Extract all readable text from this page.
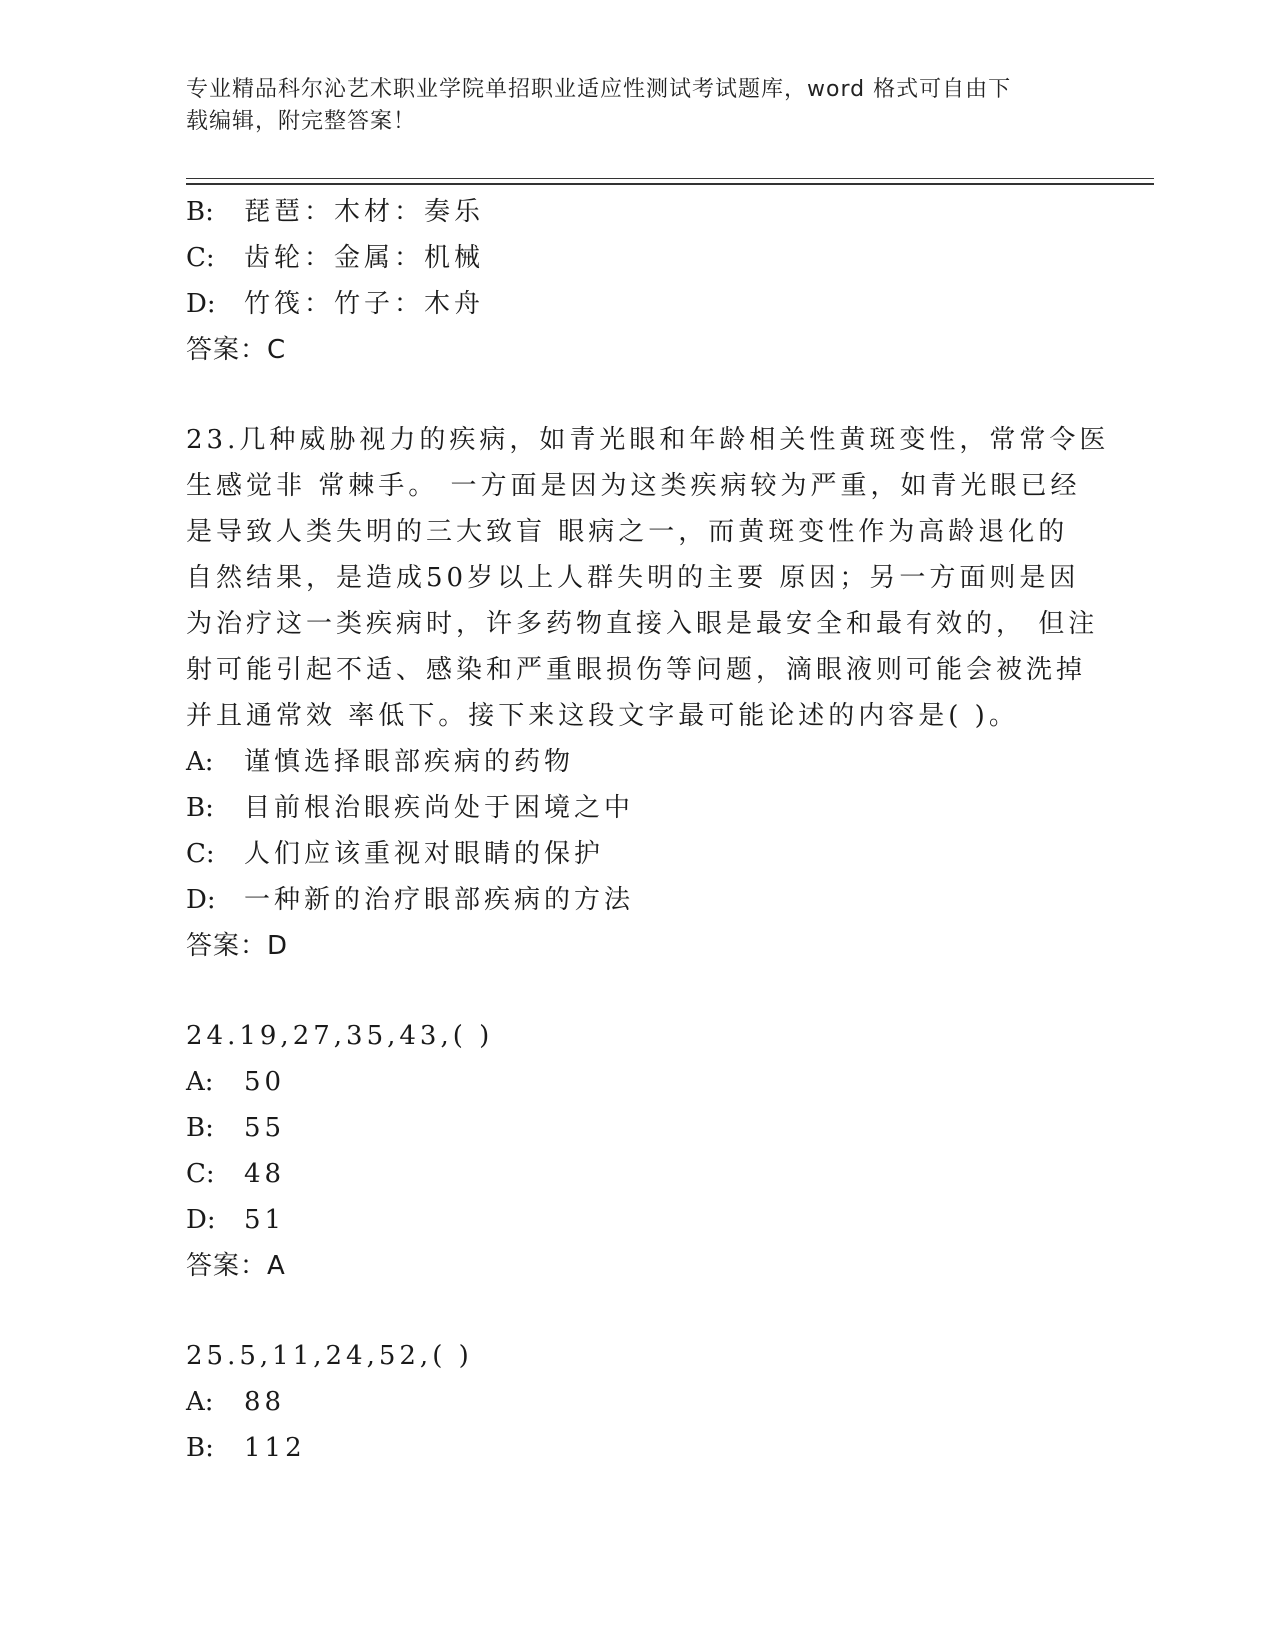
专业精品科尔沁艺术职业学院单招职业适应性测试考试题库，word 格式可自由下
载编辑，附完整答案！
B: 琵琶：木材：奏乐
C: 齿轮：金属：机械
D: 竹筏：竹子：木舟
答案：C
23.几种威胁视力的疾病，如青光眼和年龄相关性黄斑变性，常常令医
生感觉非 常棘手。 一方面是因为这类疾病较为严重，如青光眼已经
是导致人类失明的三大致盲 眼病之一，而黄斑变性作为高龄退化的
自然结果，是造成50岁以上人群失明的主要 原因；另一方面则是因
为治疗这一类疾病时，许多药物直接入眼是最安全和最有效的， 但注
射可能引起不适、感染和严重眼损伤等问题，滴眼液则可能会被洗掉
并且通常效 率低下。接下来这段文字最可能论述的内容是( )。
A: 谨慎选择眼部疾病的药物
B: 目前根治眼疾尚处于困境之中
C: 人们应该重视对眼睛的保护
D: 一种新的治疗眼部疾病的方法
答案：D
24.19,27,35,43,( )
A: 50
B: 55
C: 48
D: 51
答案：A
25.5,11,24,52,( )
A: 88
B: 112
